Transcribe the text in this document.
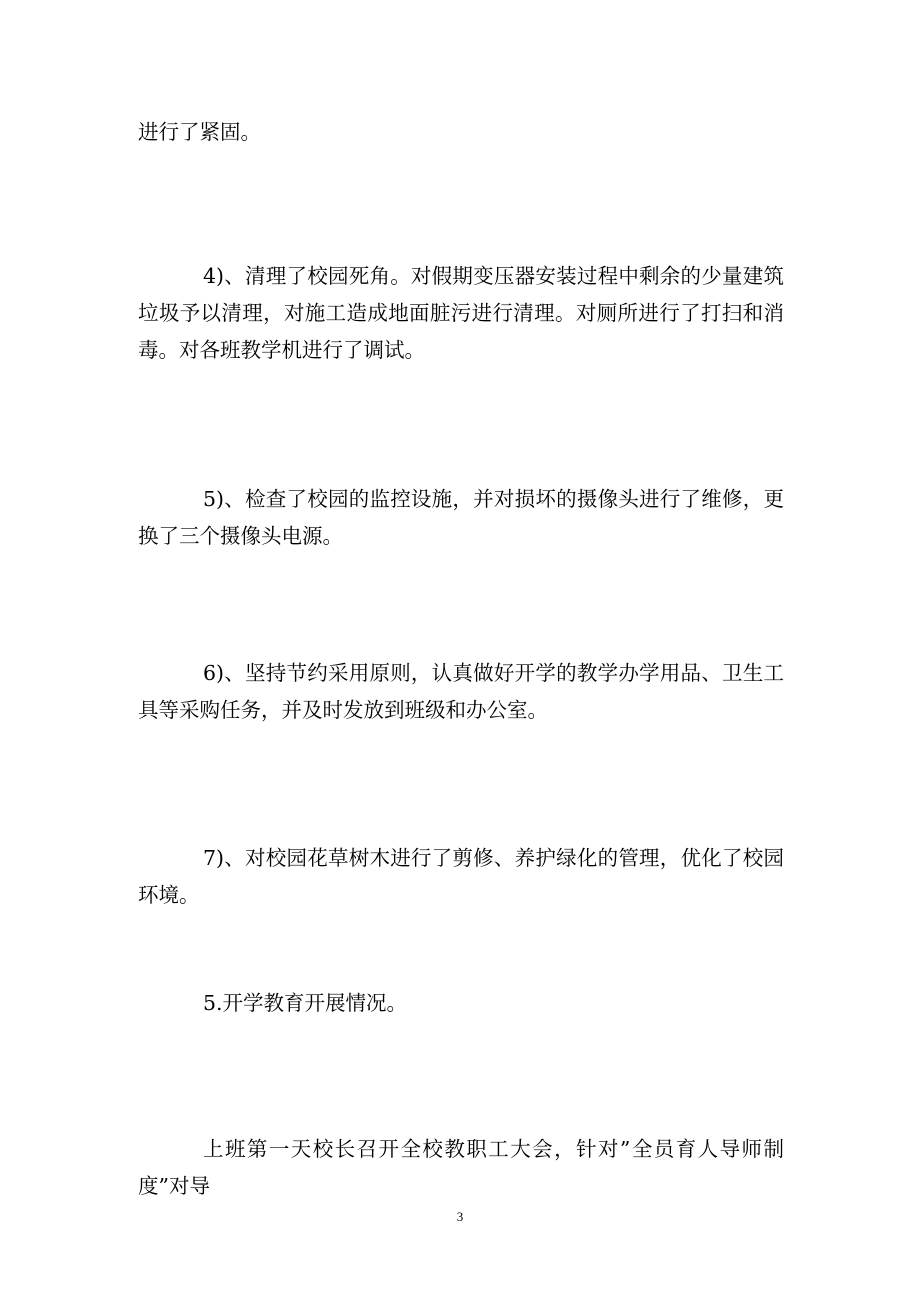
进行了紧固。

4)、清理了校园死角。对假期变压器安装过程中剩余的少量建筑垃圾予以清理，对施工造成地面脏污进行清理。对厕所进行了打扫和消毒。对各班教学机进行了调试。

5)、检查了校园的监控设施，并对损坏的摄像头进行了维修，更换了三个摄像头电源。

6)、坚持节约采用原则，认真做好开学的教学办学用品、卫生工具等采购任务，并及时发放到班级和办公室。

7)、对校园花草树木进行了剪修、养护绿化的管理，优化了校园环境。

5.开学教育开展情况。

上班第一天校长召开全校教职工大会，针对”全员育人导师制度”对导

3
